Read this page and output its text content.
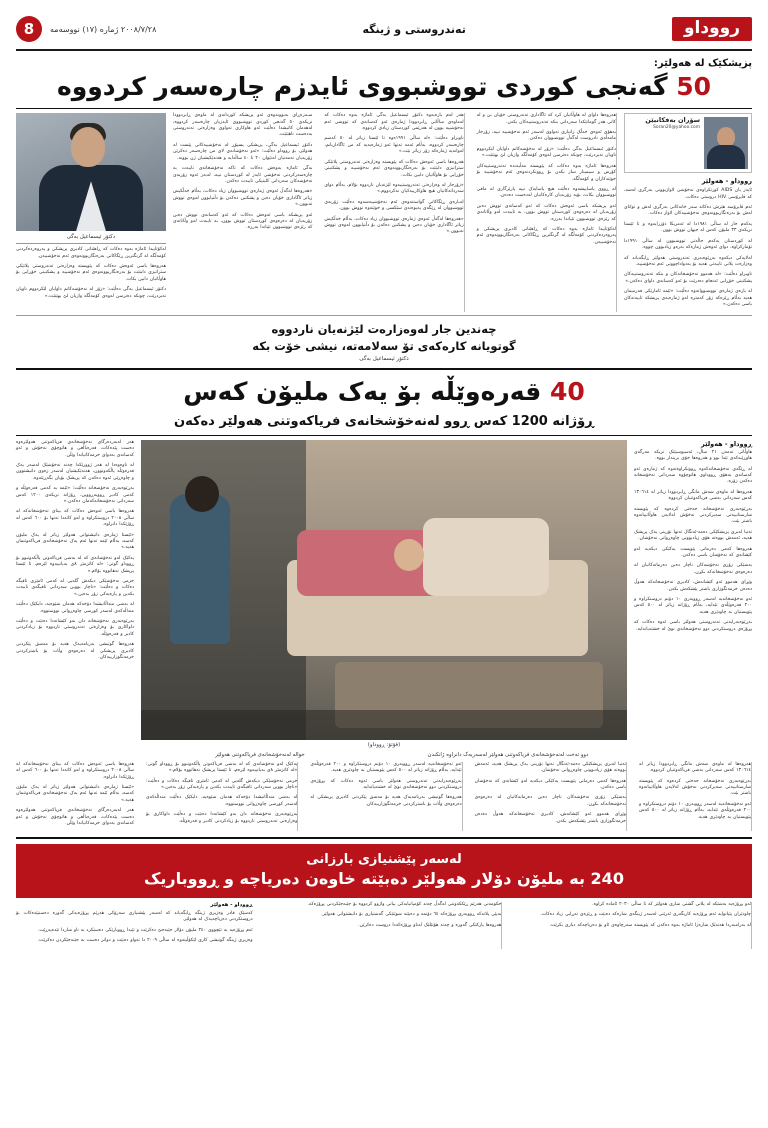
رووداو
تەندروستی و ژینگە
٢٠٠٨/٧/٢٨ ژمارە (١٧) نووسەمە
8
پزیشکێک لە هەولێر:
50 گەنجی کوردی تووشبووی ئایدزم چارەسەر کردووە
سۆران بەفکانبێن
Soran20@yahoo.com
رووداو - هەولێر

ئایدز یان AIDS کورتکراوەی نەخۆشی لاوازبوونی بەرگری لەشە، کە ڤایرۆسی HIV دروستی دەکات.

ئەم ڤایرۆسە هێرش دەکاتە سەر خانەکانی بەرگری لەش و توانای لەش بۆ بەرەنگاربوونەوەی نەخۆشییەکان لاواز دەکات.

یەکەم جار لە ساڵی ١٩٨١دا لە ئەمریکا دۆزرایەوە و تا ئێستا نزیکەی ٣٣ ملیۆن کەس لە جیهان تووش بوون.

لە کوردستان یەکەم حاڵەتی تووشبوون لە ساڵی ١٩٩١دا تۆمارکراوە، دوای ئەوەش ژمارەکە بەرەو زیادبوون چووە.

لەلایەکی دیکەوە بەڕێوەبەری تەندروستی هەولێر ڕایگەیاند کە وەزارەت پلانی تایبەتی هەیە بۆ بەدواداچوونی ئەم نەخۆشییە.

ناوبراو دەڵێت: «لە هەموو نەخۆشخانەکان و بنکە تەندروستییەکان پشکنینی خۆڕایی ئەنجام دەدرێت بۆ ئەو کەسانەی داوای دەکەن.»

لە بارەی ژمارەی تووشبووانەوە دەڵێت: «ئێمە ئامارێکی فەرمیمان هەیە بەڵام ڕێژەکە زۆر کەمترە لەو ژمارەیەی پزیشکە تایبەتەکان باسی دەکەن.»

هەروەها داوای لە هاوڵاتیان کرد کە ئاگاداری تەندروستی خۆیان بن و لە کاتی هەر گومانێکدا سەردانی بنکە تەندروستییەکان بکەن.

بەهۆی ئەوەی خەڵک زانیاری تەواوی لەسەر ئەم نەخۆشییە نییە، زۆرجار مامەڵەی نادروست لەگەڵ تووشبووان دەکەن.

دکتۆر ئیسماعیل بەگی دەڵێت: «زۆر لە نەخۆشەکانم داوایان لێکردووم ناویان نەبردرێت، چونکە دەترسن لەوەی کۆمەڵگە وازیان لێ بهێنێت.»

هەروەها ئاماژە بەوە دەکات کە پێویستە مەڵبەندە تەندروستییەکان کۆرس و سیمینار ساز بکەن بۆ ڕوونکردنەوەی ئەم نەخۆشییە بۆ خوێندکاران و کۆمەڵگە.

لە ڕووی یاساییشەوە دەڵێت هیچ یاسایەک نییە پارێزگاری لە مافی تووشبووان بکات، بۆیە زۆربەیان کارەکانیان لەدەست دەدەن.

ئەو پزیشکە باسی ئەوەش دەکات کە ئەو کەسانەی تووش دەبن زۆربەیان لە دەرەوەی کوردستان تووش بوون، بە تایبەت لەو وڵاتانەی کە رێژەی تووشبوون تێیاندا بەرزە.

لەکۆتاییدا ئاماژە بەوە دەکات کە ڕاهێنانی کادیری پزیشکی و پەروەردەکردنی کۆمەڵگە لە گرنگترین ڕێگاکانی بەرەنگاربوونەوەی ئەم نەخۆشییەن.

هەر لەم بارەیەوە دکتۆر ئیسماعیل بەگی ئاماژە بەوە دەکات کە لەماوەی ساڵانی ڕابردوودا ژمارەی ئەو کەسانەی کە تووشی ئەم نەخۆشییە بوون لە هەرێمی کوردستان زیادی کردووە.

ناوبراو دەڵێت: «لە ساڵی ١٩٩١ەوە تا ئێستا زیاتر لە ٥٠ کەسم چارەسەر کردووە، بەڵام ئەمە تەنها ئەو ژمارەیەیە کە من ئاگاداریانم، لەوانەیە ژمارەکە زۆر زیاتر بێت.»

هەروەها باسی ئەوەش دەکات کە پێویستە وەزارەتی تەندروستی پلانێکی ستراتیژی دابنێت بۆ بەرەنگاربوونەوەی ئەم نەخۆشییە و پشکنینی خۆڕایی بۆ هاوڵاتیان دابین بکات.

«زۆرجار لە وەزارەتی تەندروستییەوە لێژنەیان ناردووە بۆلام، بەڵام دوای سەردانەکانیان هیچ هاوکارییەکیان نەکردووم.»

لەبارەی ڕێگاکانی گواستنەوەی ئەم نەخۆشییەشەوە دەڵێت زۆربەی تووشبووان لە ڕێگەی پەیوەندی سێکسی و خوێنەوە تووش بوون.

«هەروەها لەگەڵ ئەوەی ژمارەی تووشبووان زیاد دەکات، بەڵام خەڵکیش زیاتر ئاگاداری خۆیان دەبن و پشکنین دەکەن بۆ دڵنیابوون لەوەی تووش نەبوون.»

سـەرەڕای بەبوونەوەی ئەو پزیشکە کوردانەی لە ماوەی ڕابردوودا نزیکەی ٥٠ گەنجی کوردی تووشبووی ئایدزیان چارەسەر کردووە، لەهەمان کاتیشدا دەڵێت ئەو هاوکاری تەواوی وەزارەتی تەندروستی بەدەست ناهێنێت.

دکتۆر ئیسماعیل بەگی، پزیشکی پسپۆڕ لە نەخۆشییەکانی پێست لە هەولێر، بۆ رووداو دەڵێت: «ئەو نەخۆشانەی لای من چارەسەر دەکرێن زۆربەیان تەمەنیان لەنێوان ٢٠ تا ٤٠ ساڵدایە و هەندێکیشیان ژن بوونە.

بەگی ئاماژە بەوەش دەکات کە تاکە نەخۆشخانەی تایبەت بە چارەسەرکردنی نەخۆشی ئایدز لە کوردستان نییە، لەبەر ئەوە زۆربەی نەخۆشەکان سەردانی کلینیکی تایبەت دەکەن.

«هەروەها لەگەڵ ئەوەی ژمارەی تووشبووان زیاد دەکات، بەڵام خەڵکیش زیاتر ئاگاداری خۆیان دەبن و پشکنین دەکەن بۆ دڵنیابوون لەوەی تووش نەبوون.»

ئەو پزیشکە باسی ئەوەش دەکات کە ئەو کەسانەی تووش دەبن زۆربەیان لە دەرەوەی کوردستان تووش بوون، بە تایبەت لەو وڵاتانەی کە رێژەی تووشبوون تێیاندا بەرزە.

دکتۆر ئیسماعیل بەگی

لەکۆتاییدا ئاماژە بەوە دەکات کە ڕاهێنانی کادیری پزیشکی و پەروەردەکردنی کۆمەڵگە لە گرنگترین ڕێگاکانی بەرەنگاربوونەوەی ئەم نەخۆشییەن.

هەروەها باسی ئەوەش دەکات کە پێویستە وەزارەتی تەندروستی پلانێکی ستراتیژی دابنێت بۆ بەرەنگاربوونەوەی ئەم نەخۆشییە و پشکنینی خۆڕایی بۆ هاوڵاتیان دابین بکات.

دکتۆر ئیسماعیل بەگی دەڵێت: «زۆر لە نەخۆشەکانم داوایان لێکردووم ناویان نەبردرێت، چونکە دەترسن لەوەی کۆمەڵگە وازیان لێ بهێنێت.»

چەندین جار لەوەزارەت لێژنەیان ناردووە
گوتویانە کارەکەی تۆ سەلامەتە، نیشی خۆت بکە
دکتۆر ئیسماعیل بەگی
40 قەرەوێڵە بۆ یەک ملیۆن کەس
ڕۆژانە 1200 کەس ڕوو لەنەخۆشخانەی فریاکەوتنی هەولێر دەکەن
ڕووداو - هەولێر

هاوڵاتی تەمەن ٢١ ساڵ، ئەسیوسیێتک نزیکە مەرگەی هاوڕێیەکەی تێدا بوو و هەروەها خۆی بریندار بووە.

لە ڕێگەی نەخۆشخانەکەوە ڕوونکراوەتەوە کە ژمارەی ئەو کەسانەی بەهۆی ڕووداوی هاتوچۆوە سەردانی نەخۆشخانە دەکەن زۆرە.

هەروەها لە ماوەی شەش مانگی ڕابردوودا زیاتر لە ١٣٠٦١٤ کەس سەردانی بەشی فریاکەوتنیان کردووە.

بەڕێوەبەری نەخۆشخانە جەختی کردەوە کە پێویستە شارستانییەتی سەیرکردنی نەخۆش لەلایەن هاوڵاتییانەوە باشتر بێت.

تەنیا لەبری پزیشکێکی دەمە-ئەنگال تەنها نۆرینی یەک پزیشک هەیە، ئەمەش بووەتە هۆی زیادبوونی چاوەڕوانی نەخۆشان.

هەروەها کەمی دەرمانی پێویست یەکێکی دیکەیە لەو کێشانەی کە نەخۆشان باسی دەکەن.

بەشێکی زۆری نەخۆشەکان ناچار دەبن دەرمانەکانیان لە دەرەوەی نەخۆشخانەکە بکڕن.

وێڕای هەموو ئەو کێشانەش، کادیری نەخۆشخانەکە هەوڵ دەدەن خزمەتگوزاری باشتر پێشکەش بکەن.

ئەو نەخۆشخانەیە لەسەر ڕووبەری ١٠ دۆنم دروستکراوە و ٢٠٠ قەرەوێڵەی تێدایە، بەڵام ڕۆژانە زیاتر لە ٥٠٠ کەس پێویستیان بە چاودێری هەیە.

بەڕێوەبەرایەتی تەندروستی هەولێر باسی ئەوە دەکات کە پڕۆژەی دروستکردنی دوو نەخۆشخانەی نوێ لە خشتەیاندایە.

(فۆتۆ: ڕووداو)

هەر لەبەردەرگای نەخۆشخانەی فریاکەوتنی هەولێرەوە دەست پێدەکات، قەرەباڵغی و هاتوچۆی نەخۆش و ئەو کەسانەی بەدوای خزمەکانیاندا وێڵن.

لە ناوەوەدا لە هەر ژوورێکدا چەند نەخۆشێک لەسەر یەک قەرەوێڵە پاڵکەوتوون، هەندێکیشیان لەسەر زەوی دانیشتوون و چاوەڕێی ئەوە دەکەن کە پزیشک بۆیان بگەڕێتەوە.

بەڕێوەبەری نەخۆشخانە دەڵێت: «ئێمە بە کەمی قەرەوێڵە و کەمی کادیر ڕووبەڕووین، ڕۆژانە نزیکەی ١٢٠٠ کەس سەردانی نەخۆشخانەکەمان دەکەن.»

هەروەها باسی ئەوەش دەکات کە بینای نەخۆشخانەکە لە ساڵی ٢٠٠٨ دروستکراوە و لەو کاتەدا تەنها بۆ ٦٠٠ کەس لە ڕۆژێکدا دانراوە.

«ئێستا ژمارەی دانیشتوانی هەولێر زیاتر لە یەک ملیۆن کەسە، بەڵام ئێمە تەنها ئەم یەک نەخۆشخانەی فریاکەوتنمان هەیە.»

یەکێک لەو نەخۆشانەی کە لە بەشی فریاکەوتن پاڵکەوتبوو بۆ ڕووداو گوتی: «لە کاتژمێر ٨ی بەیانییەوە لێرەم، تا ئێستا پزیشک نەهاتووە بۆلام.»

خزمی نەخۆشێکی دیکەش گلەیی لە کەمی ئامێری تاقیگە دەکات و دەڵێت: «ناچار بووین سەردانی تاقیگەی تایبەت بکەین و پارەیەکی زۆر بدەین.»

لە بەشی منداڵانیشدا دۆخەکە هەمان شێوەیە، دایکێک دەڵێت منداڵەکەی لەسەر کورسی چاوەڕوانی نووستووە.

بەڕێوەبەری نەخۆشخانە دان بەو کێشانەدا دەنێت و دەڵێت داواکاری بۆ وەزارەتی تەندروستی ناردووە بۆ زیادکردنی کادیر و قەرەوێڵە.

هەروەها گوتیشی بەرنامەیەک هەیە بۆ مەشق پێکردنی کادیری پزیشکی لە دەرەوەی وڵات بۆ باشترکردنی خزمەتگوزارییەکان.

دوو تەخت لەنەخۆشخانەی فریاکەوتنی هەولێر لەسەریەک دانراوە ژانکندن
خوالە لەنەخۆشخانەی فریاکەوتنی هەولێر

هەروەها لە ماوەی شەش مانگی ڕابردوودا زیاتر لە ١٣٠٦١٤ کەس سەردانی بەشی فریاکەوتنیان کردووە.

بەڕێوەبەری نەخۆشخانە جەختی کردەوە کە پێویستە شارستانییەتی سەیرکردنی نەخۆش لەلایەن هاوڵاتییانەوە باشتر بێت.

ئەو نەخۆشخانەیە لەسەر ڕووبەری ١٠ دۆنم دروستکراوە و ٢٠٠ قەرەوێڵەی تێدایە، بەڵام ڕۆژانە زیاتر لە ٥٠٠ کەس پێویستیان بە چاودێری هەیە.

تەنیا لەبری پزیشکێکی دەمە-ئەنگال تەنها نۆرینی یەک پزیشک هەیە، ئەمەش بووەتە هۆی زیادبوونی چاوەڕوانی نەخۆشان.

هەروەها کەمی دەرمانی پێویست یەکێکی دیکەیە لەو کێشانەی کە نەخۆشان باسی دەکەن.

بەشێکی زۆری نەخۆشەکان ناچار دەبن دەرمانەکانیان لە دەرەوەی نەخۆشخانەکە بکڕن.

وێڕای هەموو ئەو کێشانەش، کادیری نەخۆشخانەکە هەوڵ دەدەن خزمەتگوزاری باشتر پێشکەش بکەن.

ئەو نەخۆشخانەیە لەسەر ڕووبەری ١٠ دۆنم دروستکراوە و ٢٠٠ قەرەوێڵەی تێدایە، بەڵام ڕۆژانە زیاتر لە ٥٠٠ کەس پێویستیان بە چاودێری هەیە.

بەڕێوەبەرایەتی تەندروستی هەولێر باسی ئەوە دەکات کە پڕۆژەی دروستکردنی دوو نەخۆشخانەی نوێ لە خشتەیاندایە.

هەروەها گوتیشی بەرنامەیەک هەیە بۆ مەشق پێکردنی کادیری پزیشکی لە دەرەوەی وڵات بۆ باشترکردنی خزمەتگوزارییەکان.

یەکێک لەو نەخۆشانەی کە لە بەشی فریاکەوتن پاڵکەوتبوو بۆ ڕووداو گوتی: «لە کاتژمێر ٨ی بەیانییەوە لێرەم، تا ئێستا پزیشک نەهاتووە بۆلام.»

خزمی نەخۆشێکی دیکەش گلەیی لە کەمی ئامێری تاقیگە دەکات و دەڵێت: «ناچار بووین سەردانی تاقیگەی تایبەت بکەین و پارەیەکی زۆر بدەین.»

لە بەشی منداڵانیشدا دۆخەکە هەمان شێوەیە، دایکێک دەڵێت منداڵەکەی لەسەر کورسی چاوەڕوانی نووستووە.

بەڕێوەبەری نەخۆشخانە دان بەو کێشانەدا دەنێت و دەڵێت داواکاری بۆ وەزارەتی تەندروستی ناردووە بۆ زیادکردنی کادیر و قەرەوێڵە.

هەروەها باسی ئەوەش دەکات کە بینای نەخۆشخانەکە لە ساڵی ٢٠٠٨ دروستکراوە و لەو کاتەدا تەنها بۆ ٦٠٠ کەس لە ڕۆژێکدا دانراوە.

«ئێستا ژمارەی دانیشتوانی هەولێر زیاتر لە یەک ملیۆن کەسە، بەڵام ئێمە تەنها ئەم یەک نەخۆشخانەی فریاکەوتنمان هەیە.»

هەر لەبەردەرگای نەخۆشخانەی فریاکەوتنی هەولێرەوە دەست پێدەکات، قەرەباڵغی و هاتوچۆی نەخۆش و ئەو کەسانەی بەدوای خزمەکانیاندا وێڵن.

لەسەر پێشنیازی بارزانی
240 بە ملیۆن دۆلار هەولێر دەبێتە خاوەن دەریاچە و ڕووباریک

ئەو پڕۆژەیە بەشێکە لە پلانی گشتی شاری هەولێر کە تا ساڵی ٢٠٣٠ ئامادە کراوە.

چاودێران پێیانوایە ئەم پڕۆژەیە کاریگەری ئەرێنی لەسەر ژینگەی شارەکە دەبێت و ڕێژەی تەڕایی زیاد دەکات.

لە بەرامبەردا هەندێک شارەزا ئاماژە بەوە دەکەن کە پێویستە سەرچاوەی ئاو بۆ دەریاچەکە دیاری بکرێت.

حکومەتی هەرێم ڕێککەوتنی لەگەڵ چەند کۆمپانیایەکی بیانی واژوو کردووە بۆ جێبەجێکردنی پڕۆژەکە.

بەپێی پلانەکە ڕووبەری پڕۆژەکە ٦٤ دۆنمە و دەبێتە شوێنێکی گەشتیاری بۆ دانیشتوانی هەولێر.

هەروەها پارکێکی گەورە و چەند هۆتێلێک لەناو پڕۆژەکەدا دروست دەکرێن.

ڕووداو - هەولێر

کەسێک قادر وەزیری ژینگە ڕایگەیاند کە لەسەر پێشنیازی سەرۆکی هەرێم پڕۆژەیەکی گەورە دەستپێدەکات بۆ دروستکردنی دەریاچەیەک لە هەولێر.

ئەم پڕۆژەیە بە تێچووی ٢٤٠ ملیۆن دۆلار جێبەجێ دەکرێت و تێیدا ڕووبارێکی دەستکرد بە ناو شاردا تێدەپەڕێت.

وەزیری ژینگە گوتیشی کاری لێکۆڵینەوە لە ساڵی ٢٠٠٩ دا تەواو دەبێت و دواتر دەست بە جێبەجێکردن دەکرێت.
